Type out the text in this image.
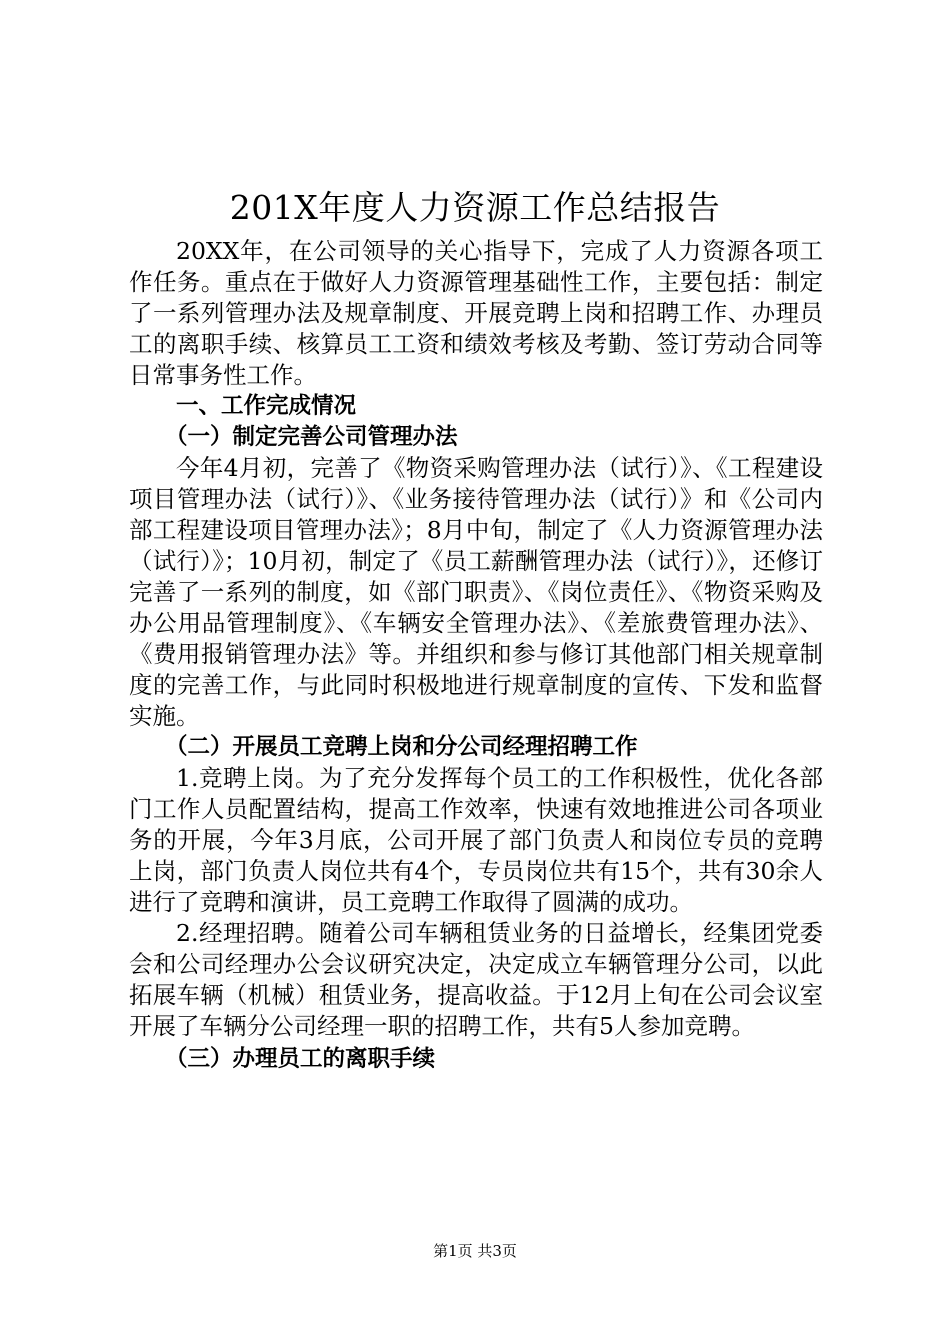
201X年度人力资源工作总结报告

20XX年，在公司领导的关心指导下，完成了人力资源各项工作任务。重点在于做好人力资源管理基础性工作，主要包括：制定了一系列管理办法及规章制度、开展竞聘上岗和招聘工作、办理员工的离职手续、核算员工工资和绩效考核及考勤、签订劳动合同等日常事务性工作。

一、工作完成情况

（一）制定完善公司管理办法

今年4月初，完善了《物资采购管理办法（试行）》、《工程建设项目管理办法（试行）》、《业务接待管理办法（试行）》和《公司内部工程建设项目管理办法》；8月中旬，制定了《人力资源管理办法（试行）》；10月初，制定了《员工薪酬管理办法（试行）》，还修订完善了一系列的制度，如《部门职责》、《岗位责任》、《物资采购及办公用品管理制度》、《车辆安全管理办法》、《差旅费管理办法》、《费用报销管理办法》等。并组织和参与修订其他部门相关规章制度的完善工作，与此同时积极地进行规章制度的宣传、下发和监督实施。

（二）开展员工竞聘上岗和分公司经理招聘工作

1.竞聘上岗。为了充分发挥每个员工的工作积极性，优化各部门工作人员配置结构，提高工作效率，快速有效地推进公司各项业务的开展，今年3月底，公司开展了部门负责人和岗位专员的竞聘上岗，部门负责人岗位共有4个，专员岗位共有15个，共有30余人进行了竞聘和演讲，员工竞聘工作取得了圆满的成功。

2.经理招聘。随着公司车辆租赁业务的日益增长，经集团党委会和公司经理办公会议研究决定，决定成立车辆管理分公司，以此拓展车辆（机械）租赁业务，提高收益。于12月上旬在公司会议室开展了车辆分公司经理一职的招聘工作，共有5人参加竞聘。

（三）办理员工的离职手续

第1页 共3页
